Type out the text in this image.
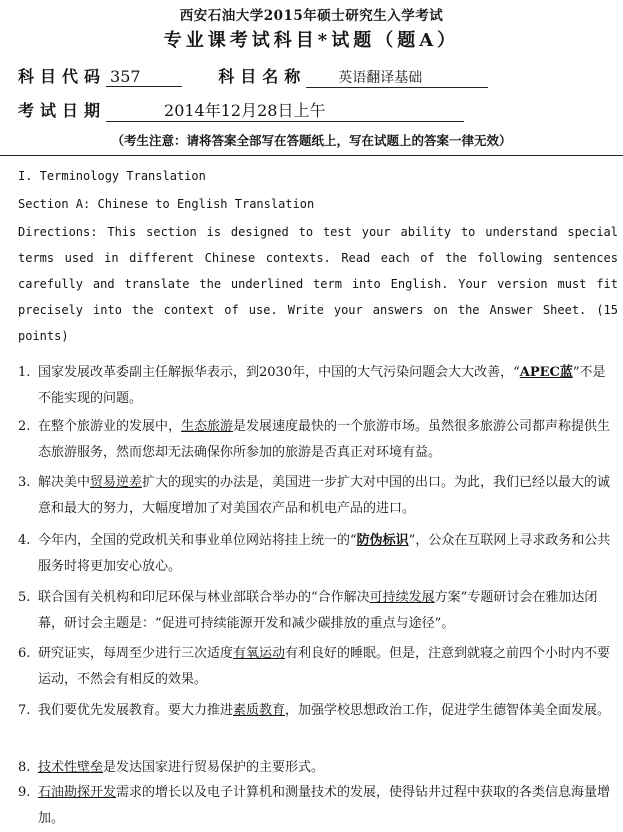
西安石油大学2015年硕士研究生入学考试
专业课考试科目*试题（题A）
科目代码 357	科目名称 英语翻译基础
考试日期	2014年12月28日上午
（考生注意：请将答案全部写在答题纸上，写在试题上的答案一律无效）
I. Terminology Translation
Section A: Chinese to English Translation
Directions: This section is designed to test your ability to understand special terms used in different Chinese contexts. Read each of the following sentences carefully and translate the underlined term into English. Your version must fit precisely into the context of use. Write your answers on the Answer Sheet. (15 points)
1. 国家发展改革委副主任解振华表示，到2030年，中国的大气污染问题会大大改善，“APEC蓝”不是不能实现的问题。
2. 在整个旅游业的发展中，生态旅游是发展速度最快的一个旅游市场。虽然很多旅游公司都声称提供生态旅游服务，然而您却无法确保你所参加的旅游是否真正对环境有益。
3. 解决美中贸易逆差扩大的现实的办法是，美国进一步扩大对中国的出口。为此，我们已经以最大的诚意和最大的努力，大幅度增加了对美国农产品和机电产品的进口。
4. 今年内，全国的党政机关和事业单位网站将挂上统一的“防伪标识”，公众在互联网上寻求政务和公共服务时将更加安心放心。
5. 联合国有关机构和印尼环保与林业部联合举办的“合作解决可持续发展方案”专题研讨会在雅加达闭幕，研讨会主题是：“促进可持续能源开发和减少碳排放的重点与途径”。
6. 研究证实，每周至少进行三次适度有氧运动有利良好的睡眠。但是，注意到就寝之前四个小时内不要运动，不然会有相反的效果。
7. 我们要优先发展教育。要大力推进素质教育，加强学校思想政治工作，促进学生德智体美全面发展。
8. 技术性壁垒是发达国家进行贸易保护的主要形式。
9. 石油勘探开发需求的增长以及电子计算机和测量技术的发展，使得钻井过程中获取的各类信息海量增加。
